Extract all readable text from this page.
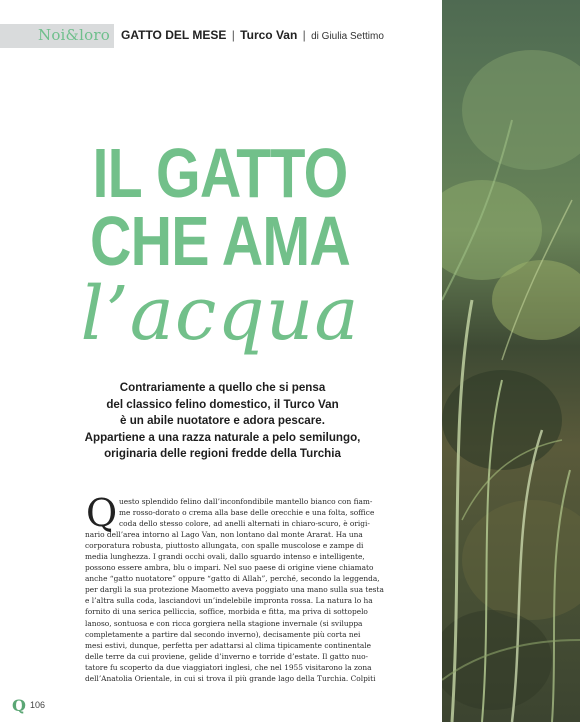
Noi&loro GATTO DEL MESE | Turco Van | di Giulia Settimo
IL GATTO
CHE AMA
l’acqua
Contrariamente a quello che si pensa
del classico felino domestico, il Turco Van
è un abile nuotatore e adora pescare.
Appartiene a una razza naturale a pelo semilungo,
originaria delle regioni fredde della Turchia
Q uesto splendido felino dall’inconfondibile mantello bianco con fiam-
me rosso-dorato o crema alla base delle orecchie e una folta, soffice
coda dello stesso colore, ad anelli alternati in chiaro-scuro, è origi-
nario dell’area intorno al Lago Van, non lontano dal monte Ararat. Ha una
corporatura robusta, piuttosto allungata, con spalle muscolose e zampe di
media lunghezza. I grandi occhi ovali, dallo sguardo intenso e intelligente,
possono essere ambra, blu o impari. Nel suo paese di origine viene chiamato
anche “gatto nuotatore” oppure “gatto di Allah”, perché, secondo la leggenda,
per dargli la sua protezione Maometto aveva poggiato una mano sulla sua testa
e l’altra sulla coda, lasciandovi un’indelebile impronta rossa. La natura lo ha
fornito di una serica pelliccia, soffice, morbida e fitta, ma priva di sottopelo
lanoso, sontuosa e con ricca gorgiera nella stagione invernale (si sviluppa
completamente a partire dal secondo inverno), decisamente più corta nei
mesi estivi, dunque, perfetta per adattarsi al clima tipicamente continentale
delle terre da cui proviene, gelide d’inverno e torride d’estate. Il gatto nuo-
tatore fu scoperto da due viaggiatori inglesi, che nel 1955 visitarono la zona
dell’Anatolia Orientale, in cui si trova il più grande lago della Turchia. Colpiti
Q 106
